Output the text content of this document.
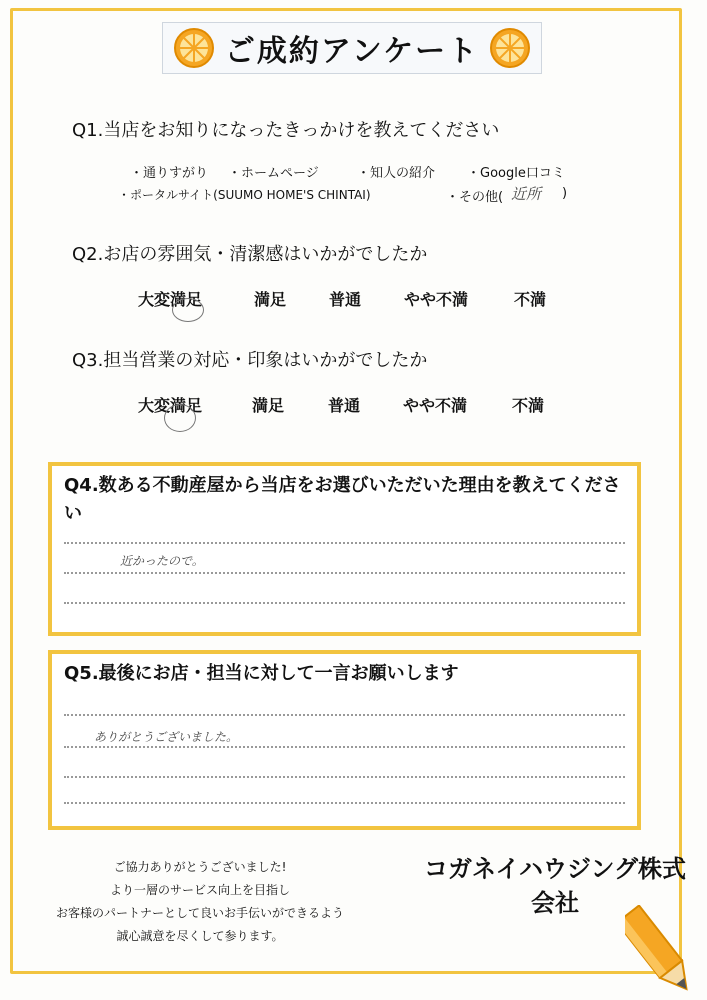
ご成約アンケート
Q1.当店をお知りになったきっかけを教えてください
・通りすがり ・ホームページ	・知人の紹介 ・Google口コミ
・ポータルサイト(SUUMO HOME'S CHINTAI)	・その他( 近所 )
Q2.お店の雰囲気・清潔感はいかがでしたか
大変満足	満足	普通	やや不満	不満
Q3.担当営業の対応・印象はいかがでしたか
大変満足	満足	普通	やや不満	不満
Q4.数ある不動産屋から当店をお選びいただいた理由を教えてください
近かったので。
Q5.最後にお店・担当に対して一言お願いします
ありがとうございました。
ご協力ありがとうございました!
より一層のサービス向上を目指し
お客様のパートナーとして良いお手伝いができるよう
誠心誠意を尽くして参ります。
コガネイハウジング株式会社
